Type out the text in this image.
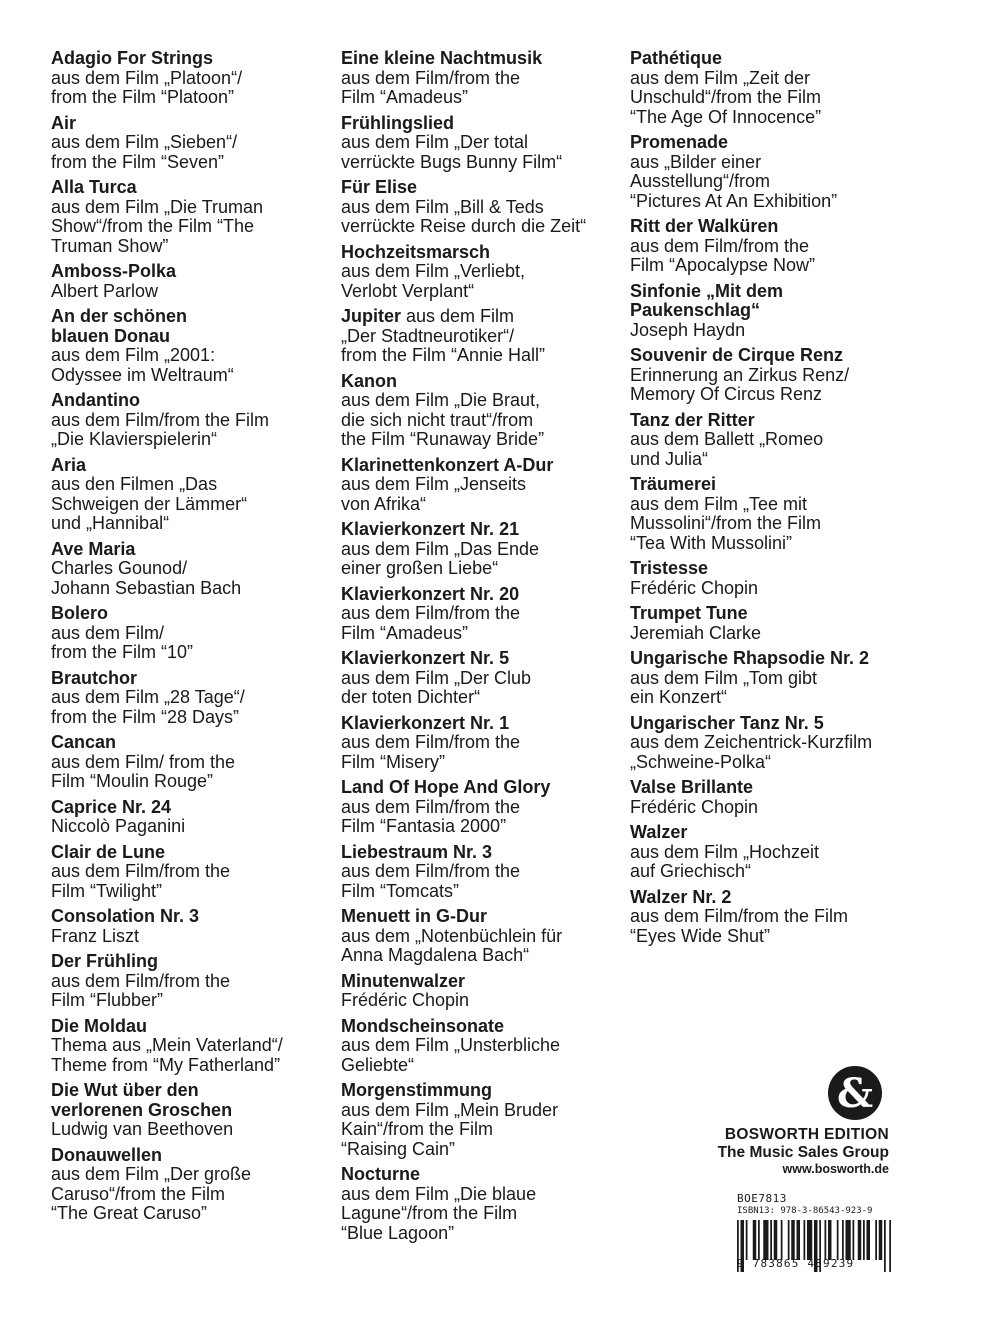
Adagio For Strings
aus dem Film „Platoon“/
from the Film “Platoon”
Air
aus dem Film „Sieben“/
from the Film “Seven”
Alla Turca
aus dem Film „Die Truman
Show“/from the Film “The
Truman Show”
Amboss-Polka
Albert Parlow
An der schönen
blauen Donau
aus dem Film „2001:
Odyssee im Weltraum“
Andantino
aus dem Film/from the Film
„Die Klavierspielerin“
Aria
aus den Filmen „Das
Schweigen der Lämmer“
und „Hannibal“
Ave Maria
Charles Gounod/
Johann Sebastian Bach
Bolero
aus dem Film/
from the Film “10”
Brautchor
aus dem Film „28 Tage“/
from the Film “28 Days”
Cancan
aus dem Film/ from the
Film “Moulin Rouge”
Caprice Nr. 24
Niccolò Paganini
Clair de Lune
aus dem Film/from the
Film “Twilight”
Consolation Nr. 3
Franz Liszt
Der Frühling
aus dem Film/from the
Film “Flubber”
Die Moldau
Thema aus „Mein Vaterland“/
Theme from “My Fatherland”
Die Wut über den
verlorenen Groschen
Ludwig van Beethoven
Donauwellen
aus dem Film „Der große
Caruso“/from the Film
“The Great Caruso”
Eine kleine Nachtmusik
aus dem Film/from the
Film “Amadeus”
Frühlingslied
aus dem Film „Der total
verrückte Bugs Bunny Film“
Für Elise
aus dem Film „Bill & Teds
verrückte Reise durch die Zeit“
Hochzeitsmarsch
aus dem Film „Verliebt,
Verlobt Verplant“
Jupiter aus dem Film
„Der Stadtneurotiker“/
from the Film “Annie Hall”
Kanon
aus dem Film „Die Braut,
die sich nicht traut“/from
the Film “Runaway Bride”
Klarinettenkonzert A-Dur
aus dem Film „Jenseits
von Afrika“
Klavierkonzert Nr. 21
aus dem Film „Das Ende
einer großen Liebe“
Klavierkonzert Nr. 20
aus dem Film/from the
Film “Amadeus”
Klavierkonzert Nr. 5
aus dem Film „Der Club
der toten Dichter“
Klavierkonzert Nr. 1
aus dem Film/from the
Film “Misery”
Land Of Hope And Glory
aus dem Film/from the
Film “Fantasia 2000”
Liebestraum Nr. 3
aus dem Film/from the
Film “Tomcats”
Menuett in G-Dur
aus dem „Notenbüchlein für
Anna Magdalena Bach“
Minutenwalzer
Frédéric Chopin
Mondscheinsonate
aus dem Film „Unsterbliche
Geliebte“
Morgenstimmung
aus dem Film „Mein Bruder
Kain“/from the Film
“Raising Cain”
Nocturne
aus dem Film „Die blaue
Lagune“/from the Film
“Blue Lagoon”
Pathétique
aus dem Film „Zeit der
Unschuld“/from the Film
“The Age Of Innocence”
Promenade
aus „Bilder einer
Ausstellung“/from
“Pictures At An Exhibition”
Ritt der Walküren
aus dem Film/from the
Film “Apocalypse Now”
Sinfonie „Mit dem
Paukenschlag“
Joseph Haydn
Souvenir de Cirque Renz
Erinnerung an Zirkus Renz/
Memory Of Circus Renz
Tanz der Ritter
aus dem Ballett „Romeo
und Julia“
Träumerei
aus dem Film „Tee mit
Mussolini“/from the Film
“Tea With Mussolini”
Tristesse
Frédéric Chopin
Trumpet Tune
Jeremiah Clarke
Ungarische Rhapsodie Nr. 2
aus dem Film „Tom gibt
ein Konzert“
Ungarischer Tanz Nr. 5
aus dem Zeichentrick-Kurzfilm
„Schweine-Polka“
Valse Brillante
Frédéric Chopin
Walzer
aus dem Film „Hochzeit
auf Griechisch“
Walzer Nr. 2
aus dem Film/from the Film
“Eyes Wide Shut”
&
BOSWORTH EDITION
The Music Sales Group
www.bosworth.de
BOE7813
ISBN13: 978-3-86543-923-9
9 783865 439239
